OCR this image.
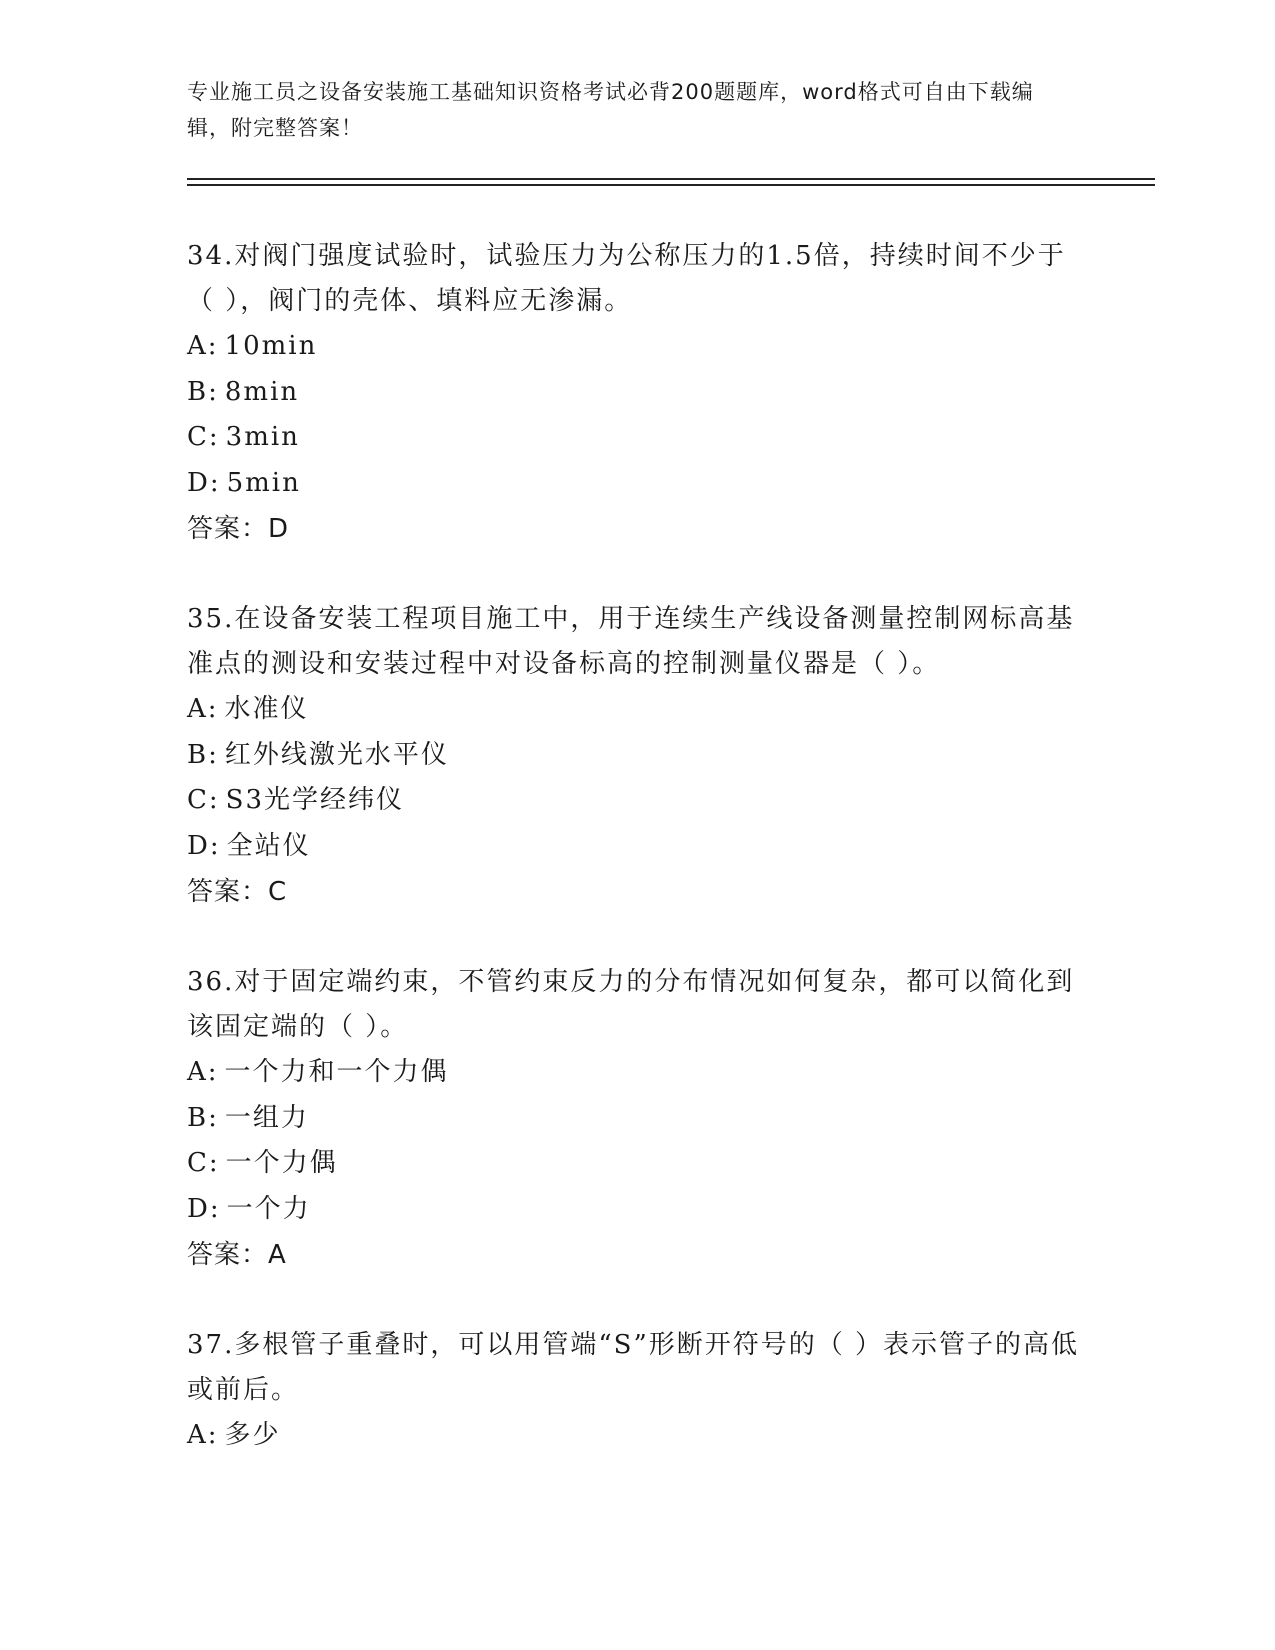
专业施工员之设备安装施工基础知识资格考试必背200题题库，word格式可自由下载编辑，附完整答案！
34.对阀门强度试验时，试验压力为公称压力的1.5倍，持续时间不少于（ ），阀门的壳体、填料应无渗漏。
A: 10min
B: 8min
C: 3min
D: 5min
答案：D
35.在设备安装工程项目施工中，用于连续生产线设备测量控制网标高基准点的测设和安装过程中对设备标高的控制测量仪器是（ ）。
A: 水准仪
B: 红外线激光水平仪
C: S3光学经纬仪
D: 全站仪
答案：C
36.对于固定端约束，不管约束反力的分布情况如何复杂，都可以简化到该固定端的（ ）。
A: 一个力和一个力偶
B: 一组力
C: 一个力偶
D: 一个力
答案：A
37.多根管子重叠时，可以用管端“S”形断开符号的（ ）表示管子的高低或前后。
A: 多少
